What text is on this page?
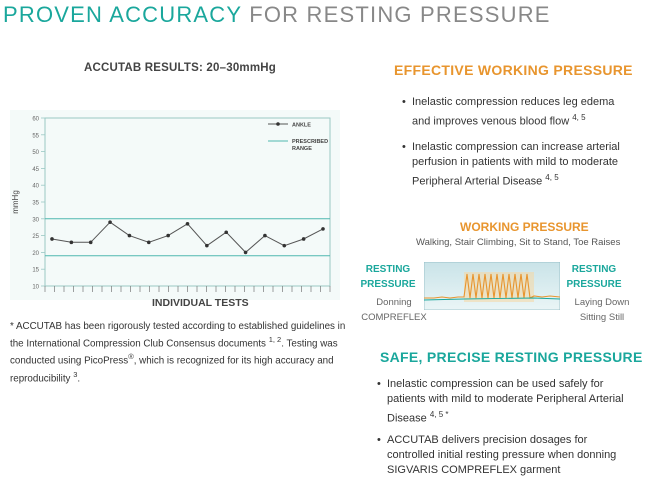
PROVEN ACCURACY FOR RESTING PRESSURE
ACCUTAB RESULTS: 20–30mmHg
10
15
20
25
30
35
40
45
50
55
60
ANKLE
PRESCRIBED
RANGE
mmHg
INDIVIDUAL TESTS
* ACCUTAB has been rigorously tested according to established guidelines in the International Compression Club Consensus documents $^{1, 2}$. Testing was conducted using PicoPress®, which is recognized for its high accuracy and reproducibility $^3$.
EFFECTIVE WORKING PRESSURE
• Inelastic compression reduces leg edema and improves venous blood flow $^{4, 5}$
• Inelastic compression can increase arterial perfusion in patients with mild to moderate Peripheral Arterial Disease $^{4, 5}$
WORKING PRESSURE
Walking, Stair Climbing, Sit to Stand, Toe Raises
RESTING
PRESSURE
Donning
COMPREFLEX
RESTING
PRESSURE
Laying Down
Sitting Still
SAFE, PRECISE RESTING PRESSURE
• Inelastic compression can be used safely for patients with mild to moderate Peripheral Arterial Disease $^{4, 5 *}$
• ACCUTAB delivers precision dosages for controlled initial resting pressure when donning SIGVARIS COMPREFLEX garment
